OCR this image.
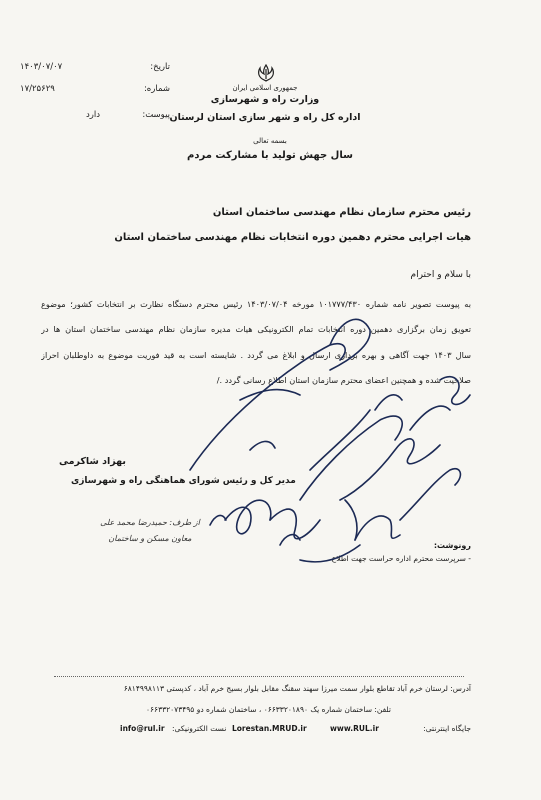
جمهوری اسلامی ایران
وزارت راه و شهرسازی
اداره کل راه و شهر سازی استان لرستان
تاریخ:
۱۴۰۳/۰۷/۰۷
شماره:
۱۷/۲۵۶۲۹
پیوست:
دارد
بسمه تعالی
سال جهش تولید با مشارکت مردم
رئیس محترم سازمان نظام مهندسی ساختمان استان
هیات اجرایی محترم دهمین دوره انتخابات نظام مهندسی ساختمان استان
با سلام و احترام
به پیوست تصویر نامه شماره ۱۰۱۷۷۷/۴۳۰ مورخه ۱۴۰۳/۰۷/۰۴ رئیس محترم دستگاه نظارت بر انتخابات کشور؛ موضوع
تعویق زمان برگزاری دهمین دوره انتخابات تمام الکترونیکی هیات مدیره سازمان نظام مهندسی ساختمان استان ها در
سال ۱۴۰۳ جهت آگاهی و بهره برداری ارسال و ابلاغ می گردد . شایسته است به قید فوریت موضوع به داوطلبان احراز
صلاحیت شده و همچنین اعضای محترم سازمان استان اطلاع رسانی گردد ./
بهزاد شاکرمی
مدیر کل و رئیس شورای هماهنگی راه و شهرسازی
از طرف: حمیدرضا محمد علی
معاون مسکن و ساختمان
رونوشت:
- سرپرست محترم اداره حراست جهت اطلاع
آدرس: لرستان خرم آباد تقاطع بلوار سمت میرزا سهند سقنگ مقابل بلوار بسیج خرم آباد ، کدپستی ۶۸۱۴۹۹۸۱۱۳
تلفن: ساختمان شماره یک ۰۶۶۳۳۲۰۱۸۹۰ ، ساختمان شماره دو ۰۶۶۳۳۲۰۷۳۴۹۵
جایگاه اینترنتی:
www.RUL.ir
Lorestan.MRUD.ir
نست الکترونیکی:
info@rul.ir
